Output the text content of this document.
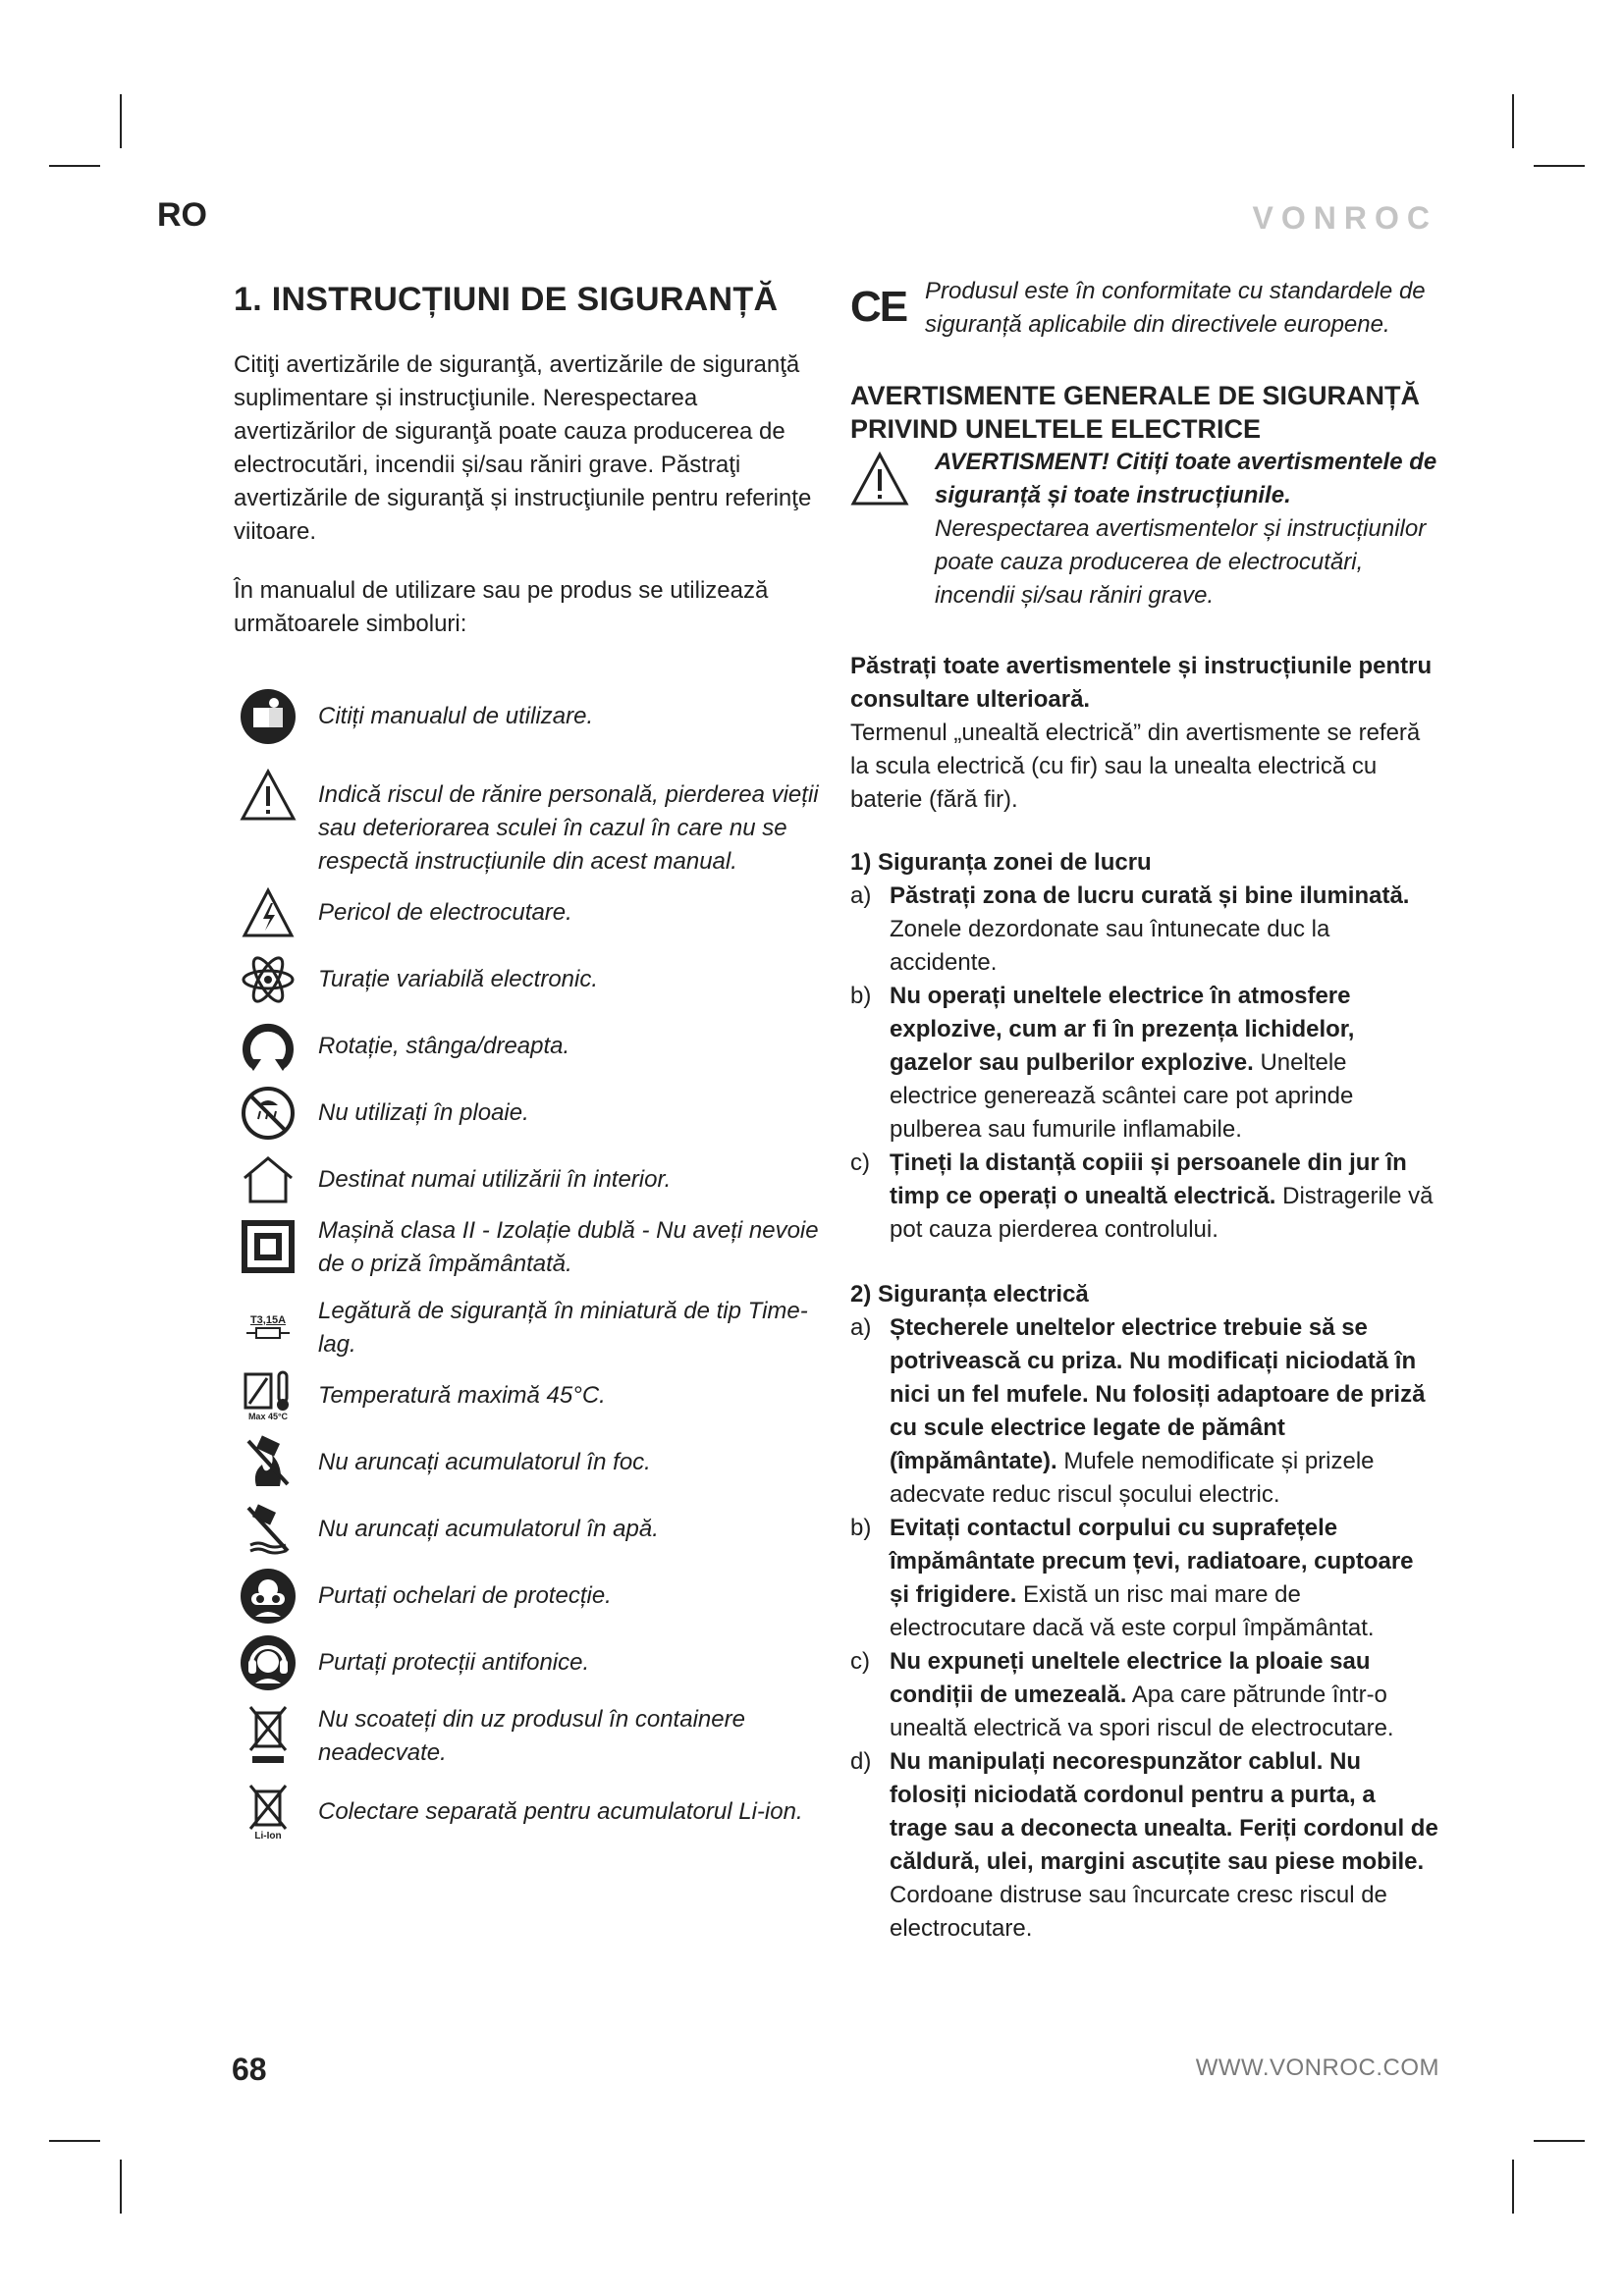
RO	VONROC
1. INSTRUCȚIUNI DE SIGURANȚĂ

Citiţi avertizările de siguranţă, avertizările de siguranţă suplimentare și instrucţiunile. Nerespectarea avertizărilor de siguranţă poate cauza producerea de electrocutări, incendii și/sau răniri grave. Păstraţi avertizările de siguranţă și instrucţiunile pentru referinţe viitoare.

În manualul de utilizare sau pe produs se utilizează următoarele simboluri:

Citiți manualul de utilizare.
Indică riscul de rănire personală, pierderea vieții sau deteriorarea sculei în cazul în care nu se respectă instrucțiunile din acest manual.
Pericol de electrocutare.
Turație variabilă electronic.
Rotație, stânga/dreapta.
Nu utilizați în ploaie.
Destinat numai utilizării în interior.
Mașină clasa II - Izolație dublă - Nu aveți nevoie de o priză împământată.
T3,15A	Legătură de siguranță în miniatură de tip Time-lag.
Max 45°C
Temperatură maximă 45°C.
Nu aruncați acumulatorul în foc.
Nu aruncați acumulatorul în apă.
Purtați ochelari de protecție.
Purtați protecții antifonice.
Nu scoateți din uz produsul în containere neadecvate.
Li-Ion
Colectare separată pentru acumulatorul Li-ion.
CE Produsul este în conformitate cu standardele de siguranță aplicabile din directivele europene.
AVERTISMENTE GENERALE DE SIGURANȚĂ
PRIVIND UNELTELE ELECTRICE
AVERTISMENT! Citiți toate avertismentele de siguranță și toate instrucțiunile. Nerespectarea avertismentelor și instrucțiunilor poate cauza producerea de electrocutări, incendii și/sau răniri grave.

Păstrați toate avertismentele și instrucțiunile pentru consultare ulterioară.
Termenul „unealtă electrică” din avertismente se referă la scula electrică (cu fir) sau la unealta electrică cu baterie (fără fir).

1) Siguranța zonei de lucru
a) Păstrați zona de lucru curată și bine iluminată. Zonele dezordonate sau întunecate duc la accidente.
b) Nu operați uneltele electrice în atmosfere explozive, cum ar fi în prezența lichidelor, gazelor sau pulberilor explozive. Uneltele electrice generează scântei care pot aprinde pulberea sau fumurile inflamabile.
c) Țineți la distanță copiii și persoanele din jur în timp ce operați o unealtă electrică. Distragerile vă pot cauza pierderea controlului.
2) Siguranța electrică
a) Ștecherele uneltelor electrice trebuie să se potrivească cu priza. Nu modificați niciodată în nici un fel mufele. Nu folosiți adaptoare de priză cu scule electrice legate de pământ (împământate). Mufele nemodificate și prizele adecvate reduc riscul șocului electric.
b) Evitați contactul corpului cu suprafețele împământate precum țevi, radiatoare, cuptoare și frigidere. Există un risc mai mare de electrocutare dacă vă este corpul împământat.
c) Nu expuneți uneltele electrice la ploaie sau condiții de umezeală. Apa care pătrunde într-o unealtă electrică va spori riscul de electrocutare.
d) Nu manipulați necorespunzător cablul. Nu folosiți niciodată cordonul pentru a purta, a trage sau a deconecta unealta. Feriți cordonul de căldură, ulei, margini ascuțite sau piese mobile. Cordoane distruse sau încurcate cresc riscul de electrocutare.
68	WWW.VONROC.COM
